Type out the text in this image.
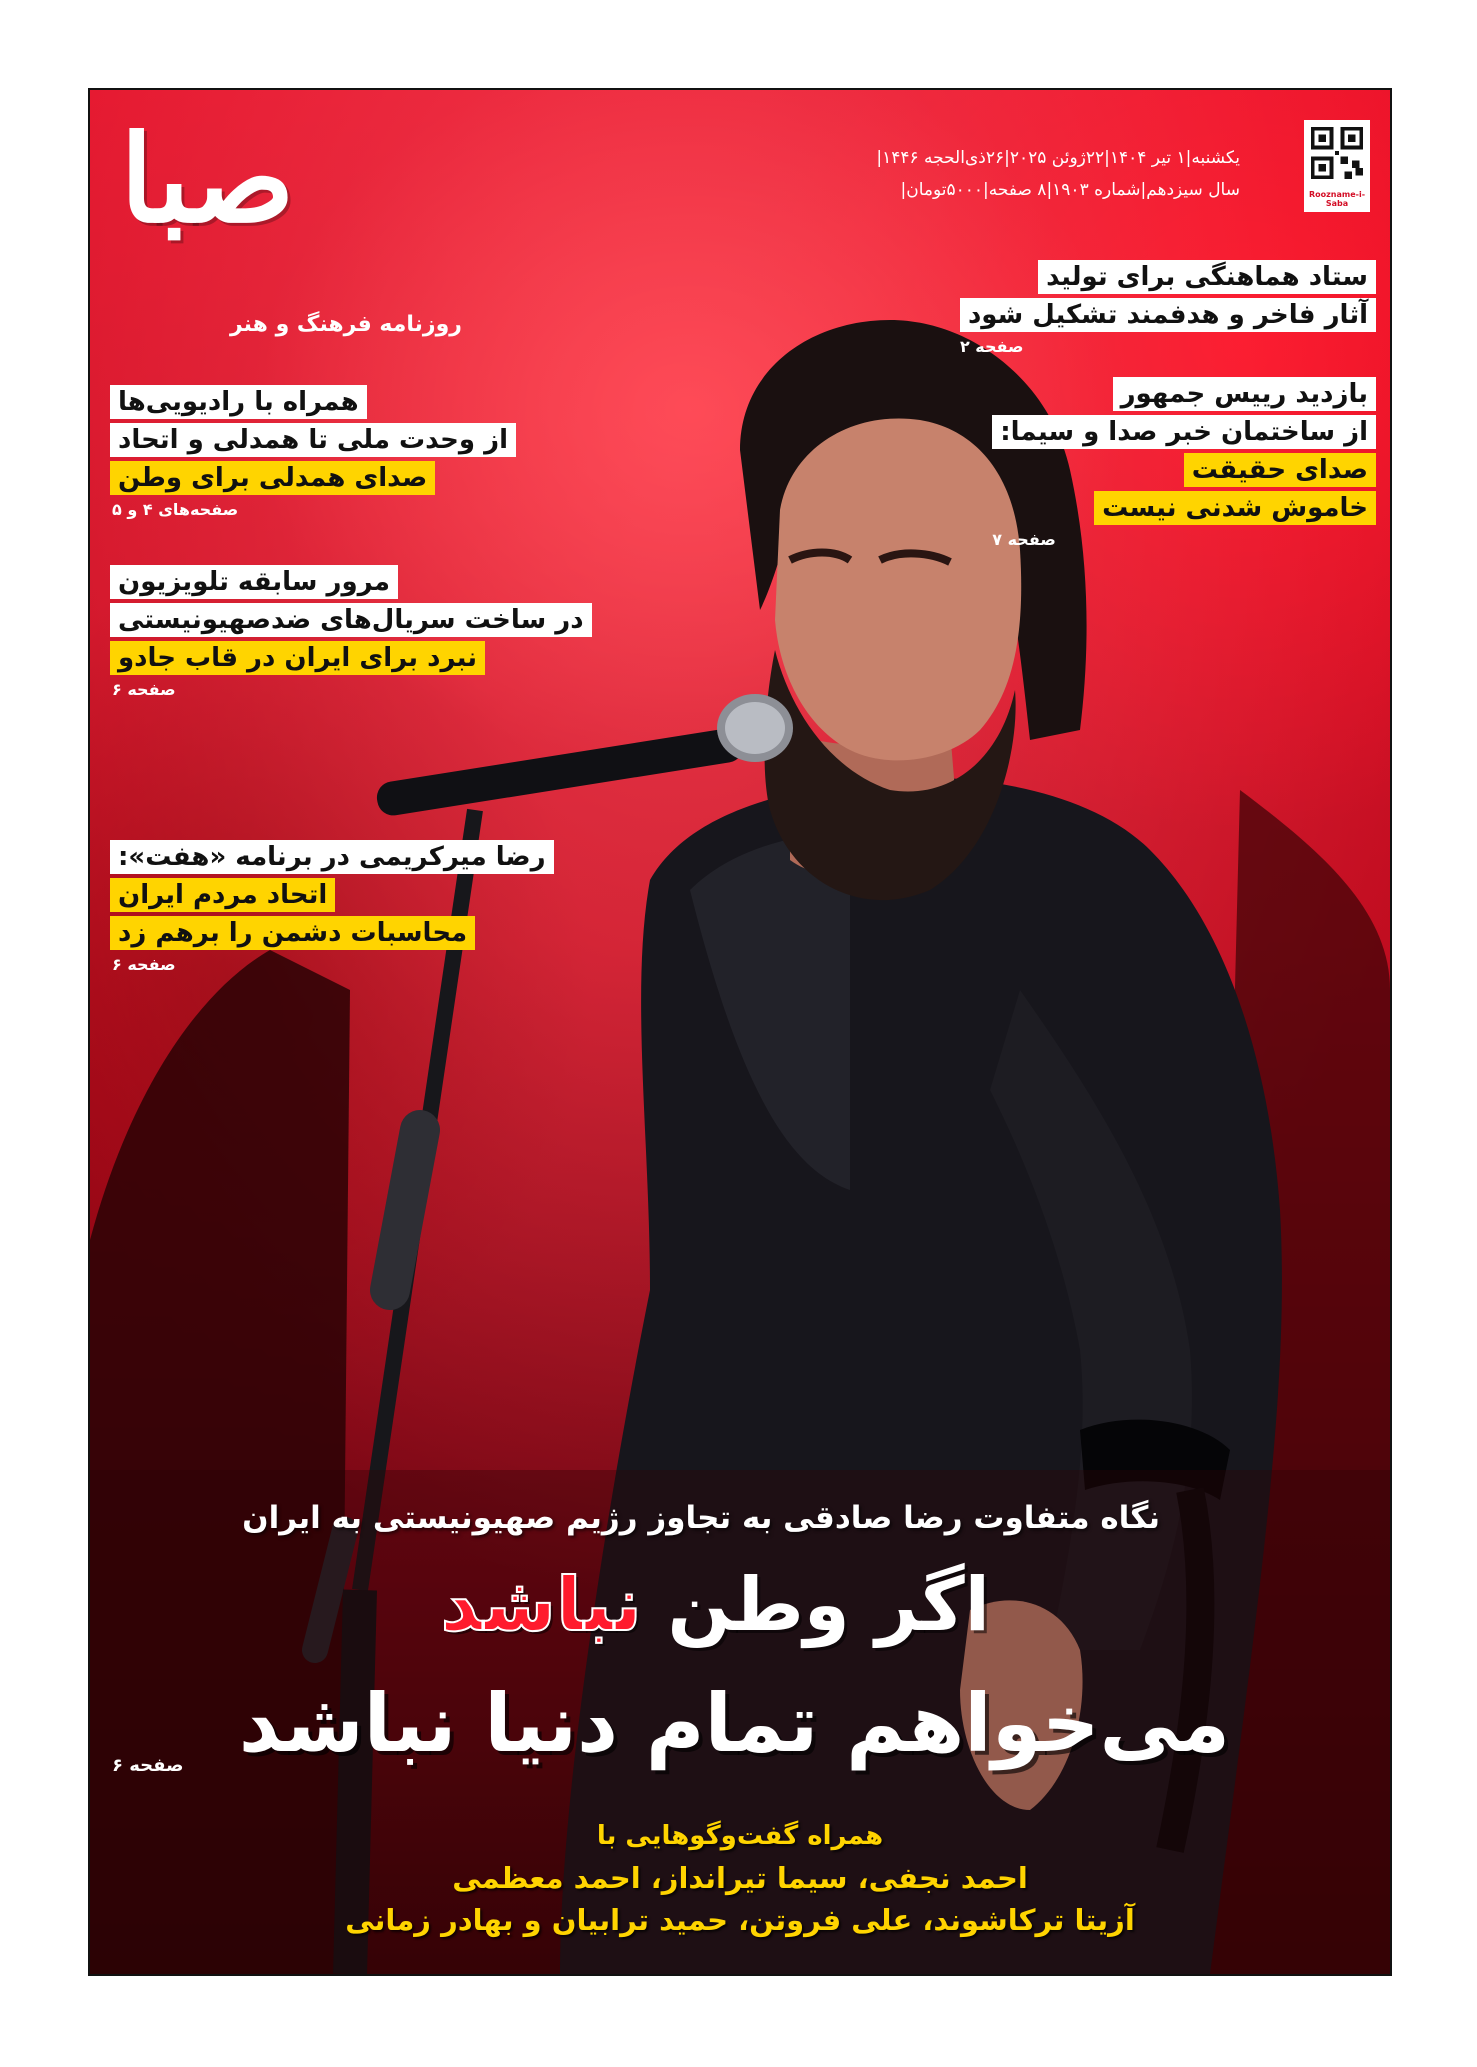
صبا
روزنامه فرهنگ و هنر
یکشنبه|۱ تیر ۱۴۰۴|۲۲ژوئن ۲۰۲۵|۲۶ذی‌الحجه ۱۴۴۶|
سال سیزدهم|شماره ۱۹۰۳|۸ صفحه|۵۰۰۰تومان|	Roozname-i-Saba
ستاد هماهنگی برای تولید
آثار فاخر و هدفمند تشکیل شود
صفحه ۲
بازدید رییس جمهور
از ساختمان خبر صدا و سیما:
صدای حقیقت
خاموش شدنی نیست
صفحه ۷
همراه با رادیویی‌ها
از وحدت ملی تا همدلی و اتحاد
صدای همدلی برای وطن
صفحه‌های ۴ و ۵
مرور سابقه تلویزیون
در ساخت سریال‌های ضدصهیونیستی
نبرد برای ایران در قاب جادو
صفحه ۶
رضا میرکریمی در برنامه «هفت»:
اتحاد مردم ایران
محاسبات دشمن را برهم زد
صفحه ۶
نگاه متفاوت رضا صادقی به تجاوز رژیم صهیونیستی به ایران
اگر وطن نباشد
می‌خواهم تمام دنیا نباشد
صفحه ۶
همراه گفت‌وگوهایی با
احمد نجفی، سیما تیرانداز، احمد معظمی
آزیتا ترکاشوند، علی فروتن، حمید ترابیان و بهادر زمانی
